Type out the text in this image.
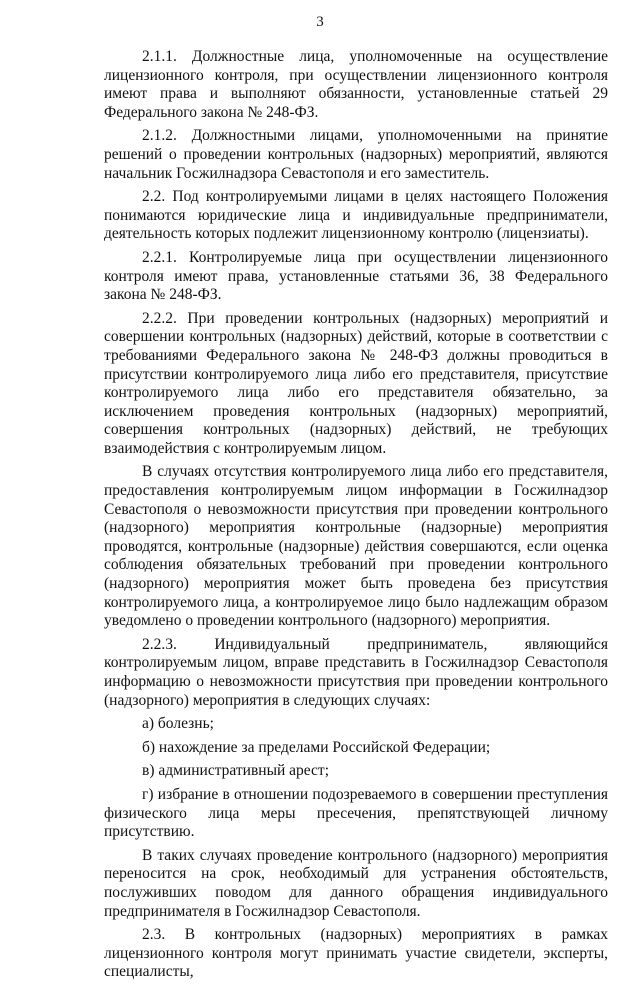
3

2.1.1. Должностные лица, уполномоченные на осуществление лицензионного контроля, при осуществлении лицензионного контроля имеют права и выполняют обязанности, установленные статьей 29 Федерального закона № 248-ФЗ.

2.1.2. Должностными лицами, уполномоченными на принятие решений о проведении контрольных (надзорных) мероприятий, являются начальник Госжилнадзора Севастополя и его заместитель.

2.2. Под контролируемыми лицами в целях настоящего Положения понимаются юридические лица и индивидуальные предприниматели, деятельность которых подлежит лицензионному контролю (лицензиаты).

2.2.1. Контролируемые лица при осуществлении лицензионного контроля имеют права, установленные статьями 36, 38 Федерального закона № 248-ФЗ.

2.2.2. При проведении контрольных (надзорных) мероприятий и совершении контрольных (надзорных) действий, которые в соответствии с требованиями Федерального закона № 248-ФЗ должны проводиться в присутствии контролируемого лица либо его представителя, присутствие контролируемого лица либо его представителя обязательно, за исключением проведения контрольных (надзорных) мероприятий, совершения контрольных (надзорных) действий, не требующих взаимодействия с контролируемым лицом.

В случаях отсутствия контролируемого лица либо его представителя, предоставления контролируемым лицом информации в Госжилнадзор Севастополя о невозможности присутствия при проведении контрольного (надзорного) мероприятия контрольные (надзорные) мероприятия проводятся, контрольные (надзорные) действия совершаются, если оценка соблюдения обязательных требований при проведении контрольного (надзорного) мероприятия может быть проведена без присутствия контролируемого лица, а контролируемое лицо было надлежащим образом уведомлено о проведении контрольного (надзорного) мероприятия.

2.2.3. Индивидуальный предприниматель, являющийся контролируемым лицом, вправе представить в Госжилнадзор Севастополя информацию о невозможности присутствия при проведении контрольного (надзорного) мероприятия в следующих случаях:

а) болезнь;

б) нахождение за пределами Российской Федерации;

в) административный арест;

г) избрание в отношении подозреваемого в совершении преступления физического лица меры пресечения, препятствующей личному присутствию.

В таких случаях проведение контрольного (надзорного) мероприятия переносится на срок, необходимый для устранения обстоятельств, послуживших поводом для данного обращения индивидуального предпринимателя в Госжилнадзор Севастополя.

2.3. В контрольных (надзорных) мероприятиях в рамках лицензионного контроля могут принимать участие свидетели, эксперты, специалисты,
